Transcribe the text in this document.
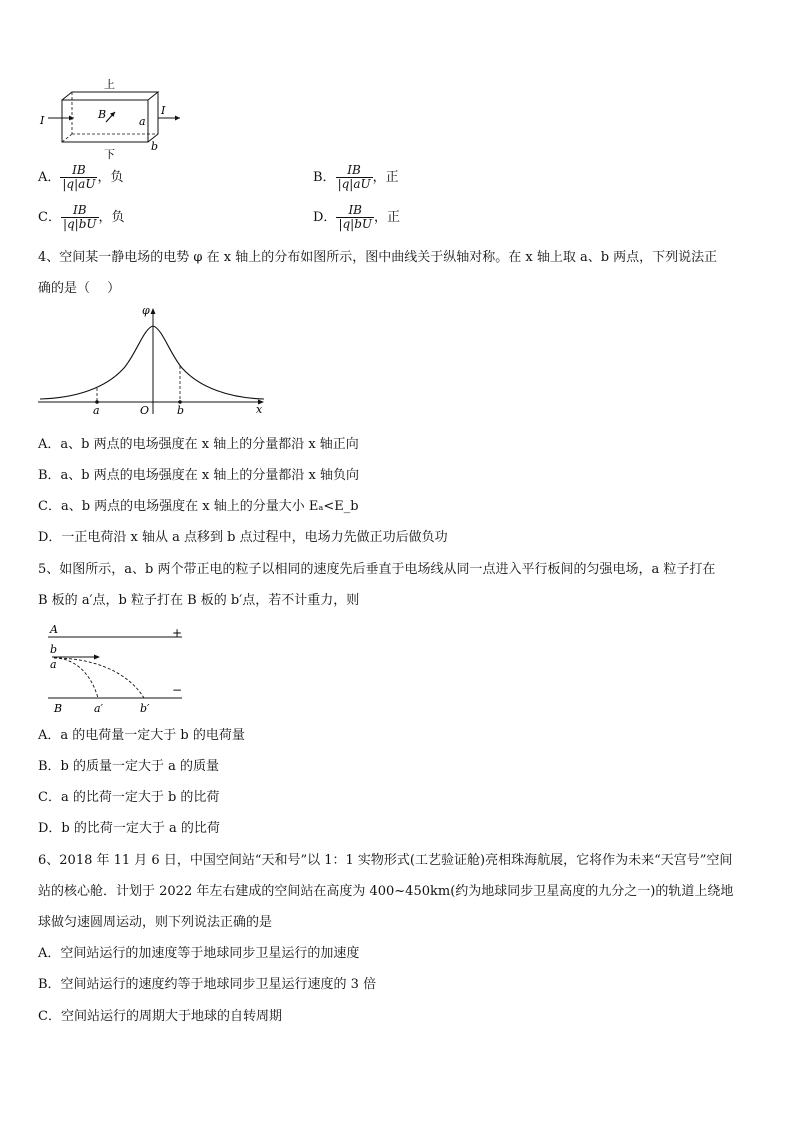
上
下
I
I
B
a
b
A． $\frac{IB}{|q|aU}$ ，负	B． $\frac{IB}{|q|aU}$ ，正
C． $\frac{IB}{|q|bU}$ ，负	D． $\frac{IB}{|q|bU}$ ，正
4、空间某一静电场的电势 φ 在 x 轴上的分布如图所示，图中曲线关于纵轴对称。在 x 轴上取 a、b 两点，下列说法正
确的是（　 ）
φ
x
O
a	b
A．a、b 两点的电场强度在 x 轴上的分量都沿 x 轴正向
B．a、b 两点的电场强度在 x 轴上的分量都沿 x 轴负向
C．a、b 两点的电场强度在 x 轴上的分量大小 Eₐ<E_b
D．一正电荷沿 x 轴从 a 点移到 b 点过程中，电场力先做正功后做负功
5、如图所示，a、b 两个带正电的粒子以相同的速度先后垂直于电场线从同一点进入平行板间的匀强电场，a 粒子打在
B 板的 a′点，b 粒子打在 B 板的 b′点，若不计重力，则
A	+
b
a
−
B	a′	b′
A．a 的电荷量一定大于 b 的电荷量
B．b 的质量一定大于 a 的质量
C．a 的比荷一定大于 b 的比荷
D．b 的比荷一定大于 a 的比荷
6、2018 年 11 月 6 日，中国空间站“天和号”以 1：1 实物形式(工艺验证舱)亮相珠海航展，它将作为未来“天宫号”空间
站的核心舱．计划于 2022 年左右建成的空间站在高度为 400~450km(约为地球同步卫星高度的九分之一)的轨道上绕地
球做匀速圆周运动，则下列说法正确的是
A．空间站运行的加速度等于地球同步卫星运行的加速度
B．空间站运行的速度约等于地球同步卫星运行速度的 3 倍
C．空间站运行的周期大于地球的自转周期
